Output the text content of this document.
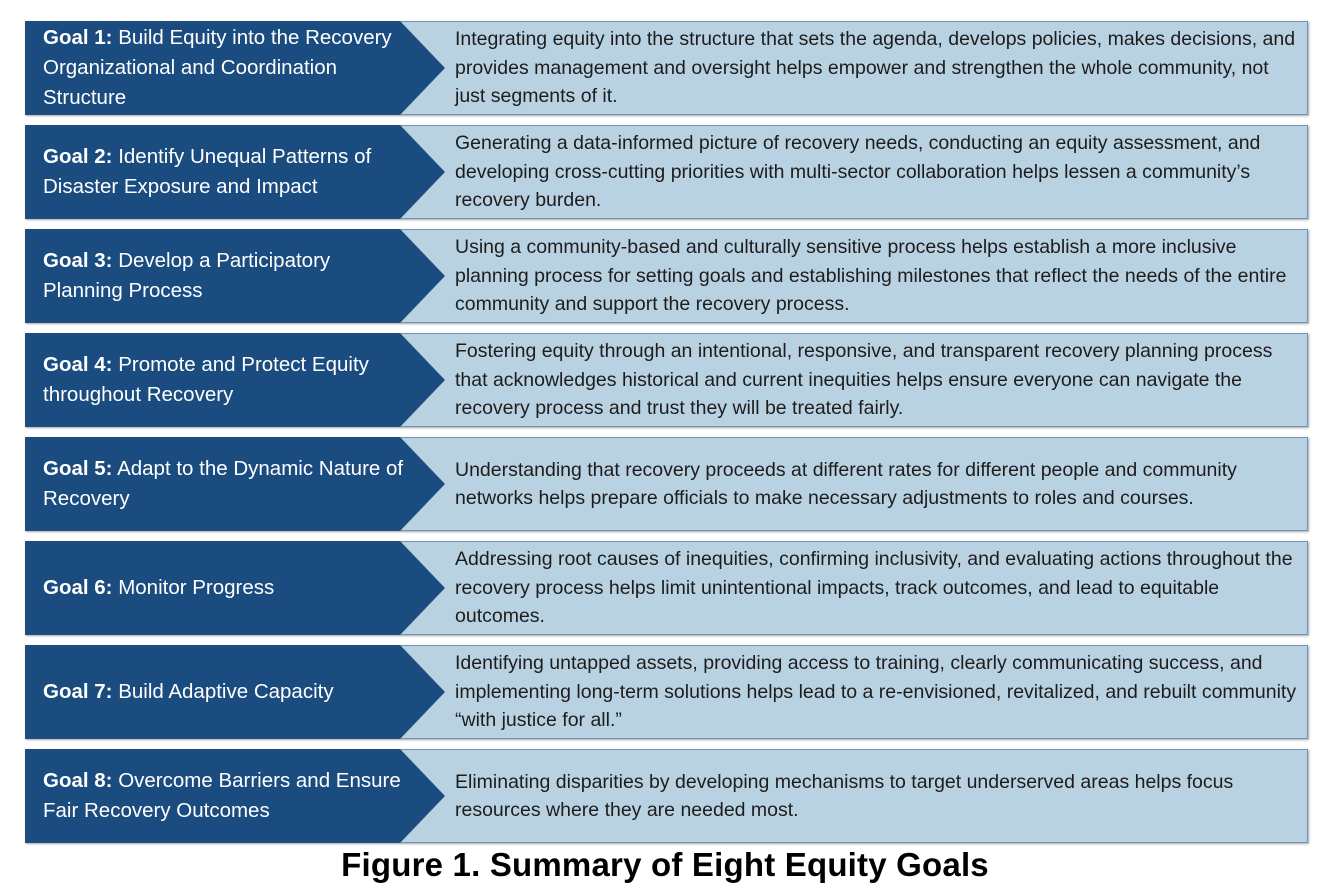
Integrating equity into the structure that sets the agenda, develops policies, makes decisions, and provides management and oversight helps empower and strengthen the whole community, not just segments of it.
Goal 1: Build Equity into the Recovery Organizational and Coordination Structure
Generating a data-informed picture of recovery needs, conducting an equity assessment, and developing cross-cutting priorities with multi-sector collaboration helps lessen a community’s recovery burden.
Goal 2: Identify Unequal Patterns of Disaster Exposure and Impact
Using a community-based and culturally sensitive process helps establish a more inclusive planning process for setting goals and establishing milestones that reflect the needs of the entire community and support the recovery process.
Goal 3: Develop a Participatory Planning Process
Fostering equity through an intentional, responsive, and transparent recovery planning process that acknowledges historical and current inequities helps ensure everyone can navigate the recovery process and trust they will be treated fairly.
Goal 4: Promote and Protect Equity throughout Recovery
Understanding that recovery proceeds at different rates for different people and community networks helps prepare officials to make necessary adjustments to roles and courses.
Goal 5: Adapt to the Dynamic Nature of Recovery
Addressing root causes of inequities, confirming inclusivity, and evaluating actions throughout the recovery process helps limit unintentional impacts, track outcomes, and lead to equitable outcomes.
Goal 6: Monitor Progress
Identifying untapped assets, providing access to training, clearly communicating success, and implementing long-term solutions helps lead to a re-envisioned, revitalized, and rebuilt community “with justice for all.”
Goal 7: Build Adaptive Capacity
Eliminating disparities by developing mechanisms to target underserved areas helps focus resources where they are needed most.
Goal 8: Overcome Barriers and Ensure Fair Recovery Outcomes
Figure 1. Summary of Eight Equity Goals
